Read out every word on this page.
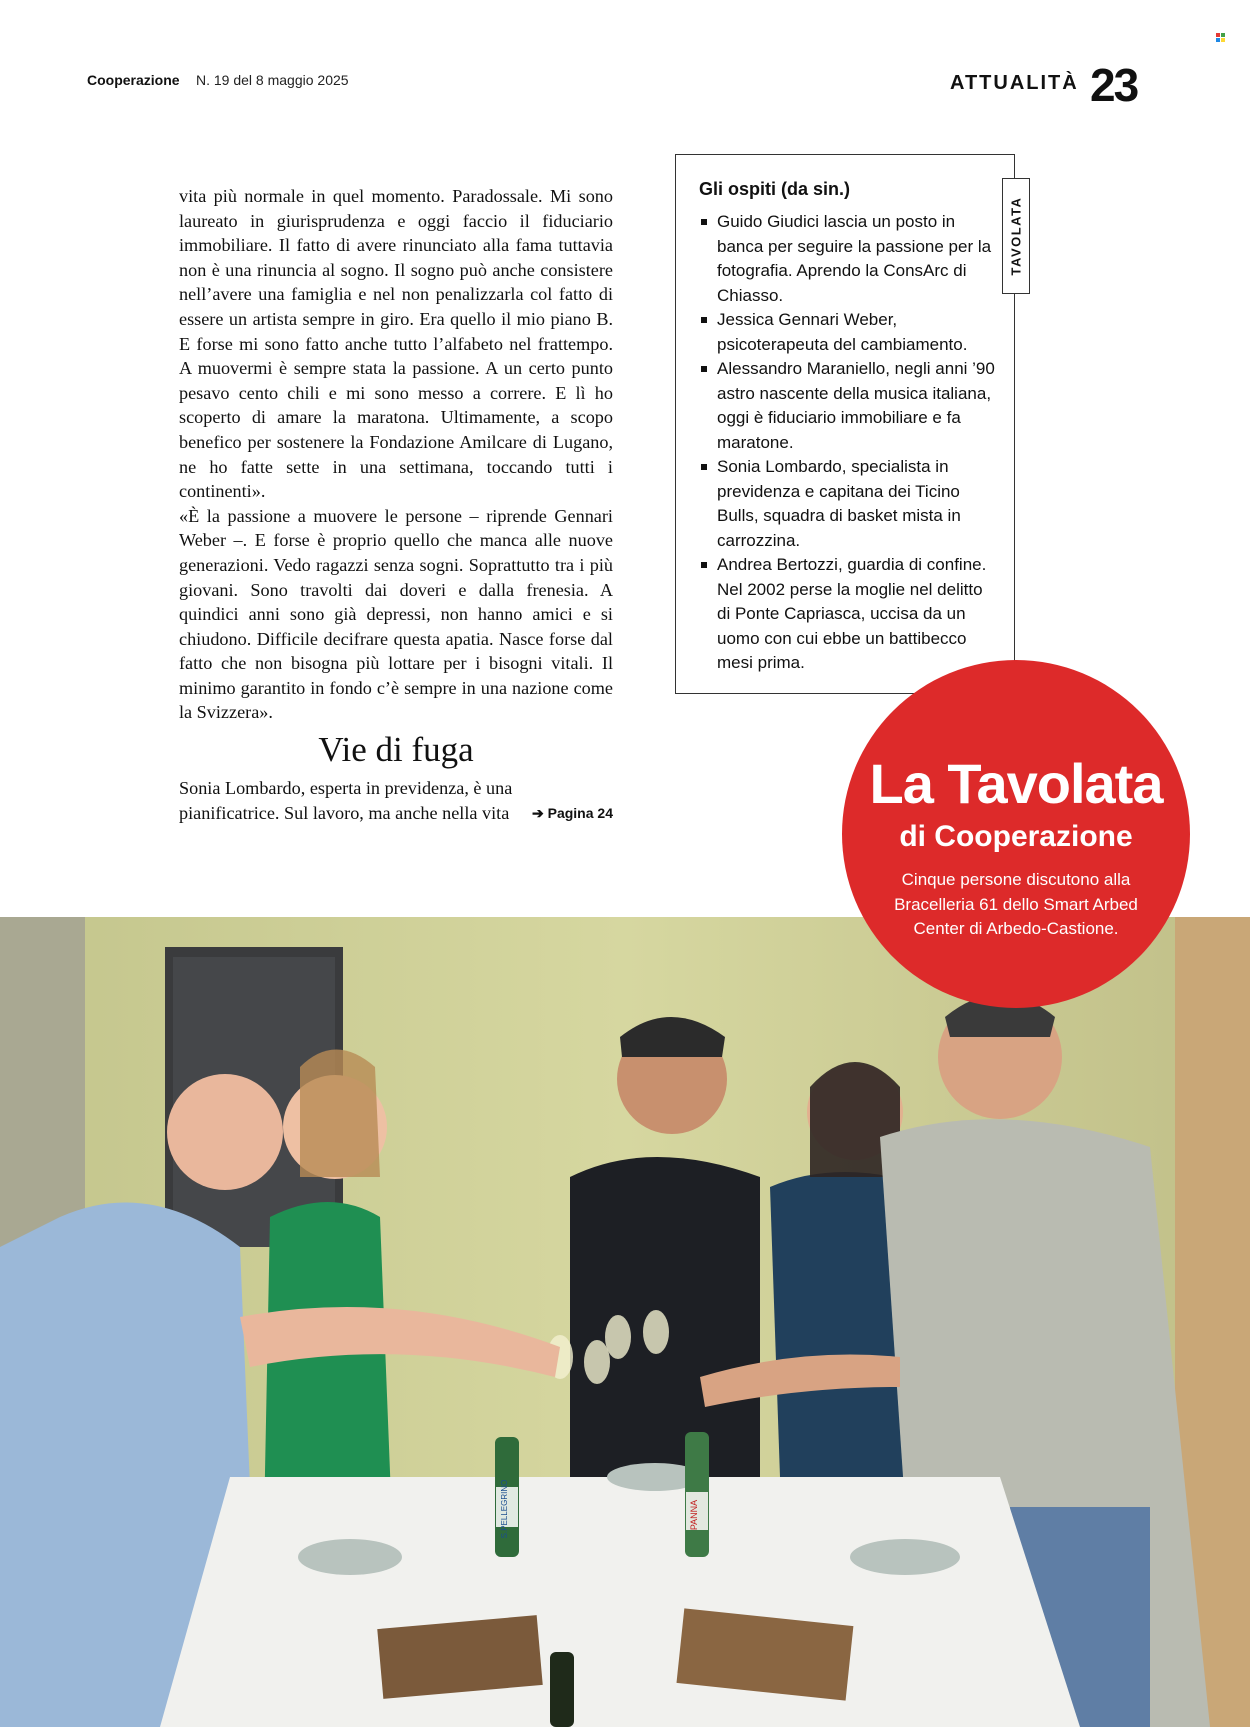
Cooperazione N. 19 del 8 maggio 2025	ATTUALITÀ 23

vita più normale in quel momento. Paradossale. Mi sono laureato in giurisprudenza e oggi faccio il fiduciario immobiliare. Il fatto di avere rinunciato alla fama tuttavia non è una rinuncia al sogno. Il sogno può anche consistere nell’avere una famiglia e nel non penalizzarla col fatto di essere un artista sempre in giro. Era quello il mio piano B. E forse mi sono fatto anche tutto l’alfabeto nel frattempo. A muovermi è sempre stata la passione. A un certo punto pesavo cento chili e mi sono messo a correre. E lì ho scoperto di amare la maratona. Ultimamente, a scopo benefico per sostenere la Fondazione Amilcare di Lugano, ne ho fatte sette in una settimana, toccando tutti i continenti».

«È la passione a muovere le persone – riprende Gennari Weber –. E forse è proprio quello che manca alle nuove generazioni. Vedo ragazzi senza sogni. Soprattutto tra i più giovani. Sono travolti dai doveri e dalla frenesia. A quindici anni sono già depressi, non hanno amici e si chiudono. Difficile decifrare questa apatia. Nasce forse dal fatto che non bisogna più lottare per i bisogni vitali. Il minimo garantito in fondo c’è sempre in una nazione come la Svizzera».

Vie di fuga
Sonia Lombardo, esperta in previdenza, è una pianificatrice. Sul lavoro, ma anche nella vita ➔ Pagina 24
Gli ospiti (da sin.)
Guido Giudici lascia un posto in banca per seguire la passione per la fotografia. Aprendo la ConsArc di Chiasso.
Jessica Gennari Weber, psicoterapeuta del cambiamento.
Alessandro Maraniello, negli anni ’90 astro nascente della musica italiana, oggi è fiduciario immobiliare e fa maratone.
Sonia Lombardo, specialista in previdenza e capitana dei Ticino Bulls, squadra di basket mista in carrozzina.
Andrea Bertozzi, guardia di confine. Nel 2002 perse la moglie nel delitto di Ponte Capriasca, uccisa da un uomo con cui ebbe un battibecco mesi prima.
TAVOLATA
PANNA
S.PELLEGRINO
La Tavolata
di Cooperazione
Cinque persone discutono alla Bracelleria 61 dello Smart Arbed Center di Arbedo-Castione.
